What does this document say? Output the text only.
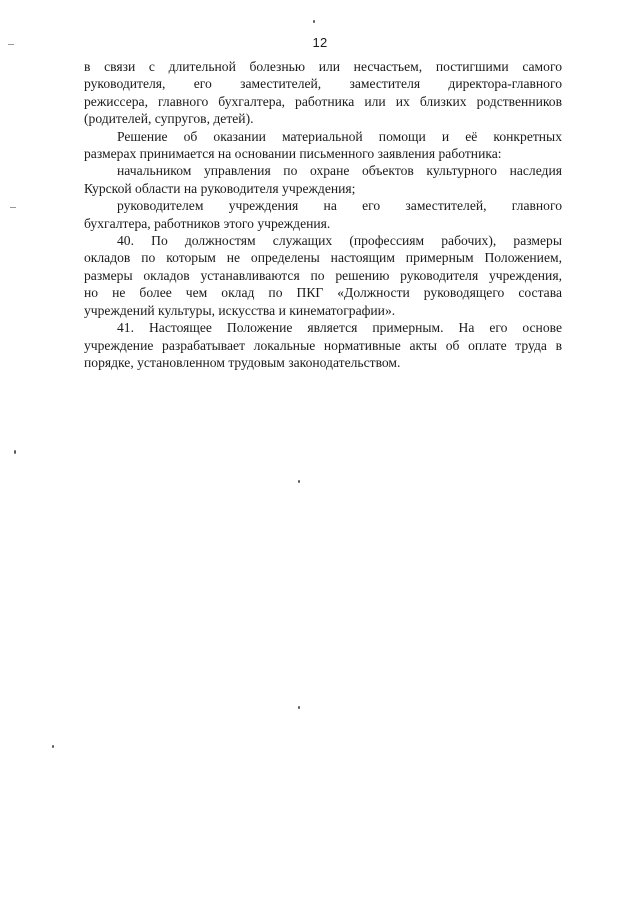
12

в связи с длительной болезнью или несчастьем, постигшими самого
руководителя, его заместителей, заместителя директора-главного
режиссера, главного бухгалтера, работника или их близких родственников
(родителей, супругов, детей).

Решение об оказании материальной помощи и её конкретных
размерах принимается на основании письменного заявления работника:

начальником управления по охране объектов культурного наследия
Курской области на руководителя учреждения;

руководителем учреждения на его заместителей, главного
бухгалтера, работников этого учреждения.

40. По должностям служащих (профессиям рабочих), размеры
окладов по которым не определены настоящим примерным Положением,
размеры окладов устанавливаются по решению руководителя учреждения,
но не более чем оклад по ПКГ «Должности руководящего состава
учреждений культуры, искусства и кинематографии».

41. Настоящее Положение является примерным. На его основе
учреждение разрабатывает локальные нормативные акты об оплате труда в
порядке, установленном трудовым законодательством.
